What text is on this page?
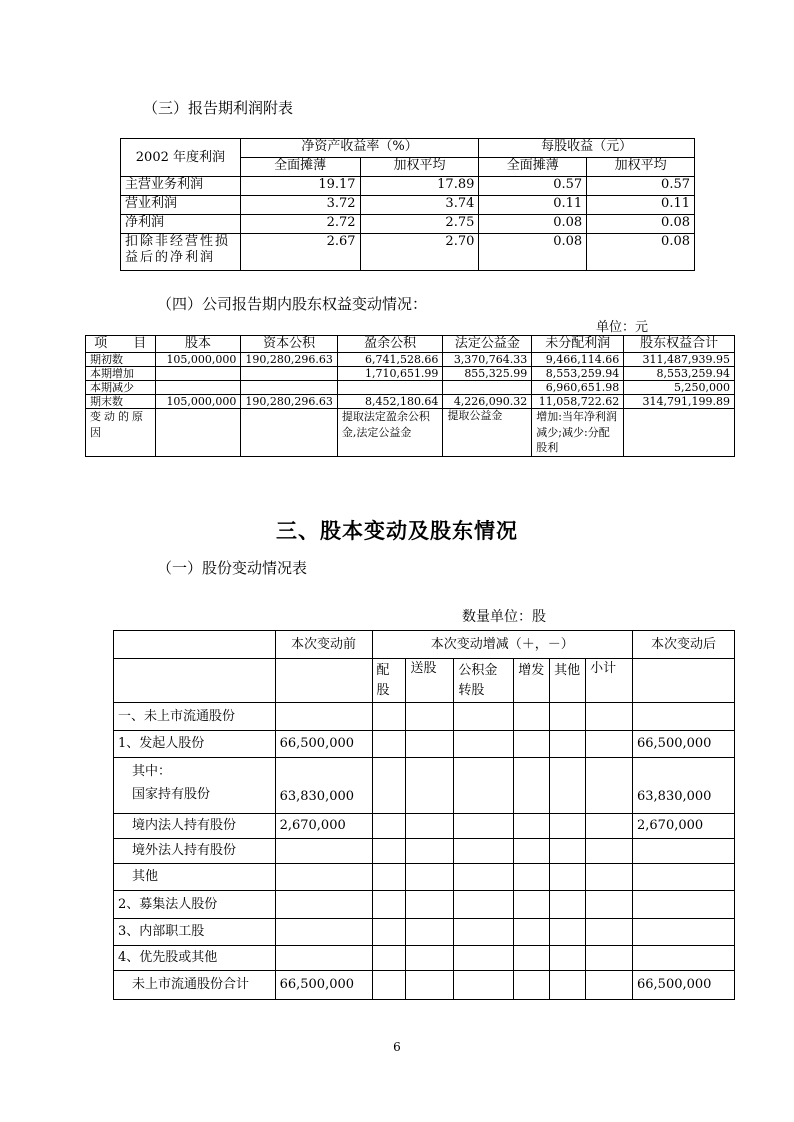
（三）报告期利润附表
2002 年度利润	净资产收益率（%）		每股收益（元）	
	全面摊薄	加权平均	全面摊薄	加权平均
主营业务利润	19.17	17.89	0.57	0.57
营业利润	3.72	3.74	0.11	0.11
净利润	2.72	2.75	0.08	0.08
扣除非经营性损益后的净利润	2.67	2.70	0.08	0.08
（四）公司报告期内股东权益变动情况：
单位：元
项　　目	股本	资本公积	盈余公积	法定公益金	未分配利润	股东权益合计
期初数	105,000,000	190,280,296.63	6,741,528.66	3,370,764.33	9,466,114.66	311,487,939.95
本期增加			1,710,651.99	855,325.99	8,553,259.94	8,553,259.94
本期减少					6,960,651.98	5,250,000
期末数	105,000,000	190,280,296.63	8,452,180.64	4,226,090.32	11,058,722.62	314,791,199.89
变动的原因			提取法定盈余公积金,法定公益金	提取公益金	增加:当年净利润减少;减少:分配股利	
三、股本变动及股东情况
（一）股份变动情况表
数量单位：股
	本次变动前	本次变动增减（＋，－）						本次变动后
		配股	送股	公积金转股	增发	其他	小计	
一、未上市流通股份								
1、发起人股份	66,500,000							66,500,000

其中：
国家持有股份	63,830,000							63,830,000
境内法人持有股份	2,670,000							2,670,000
境外法人持有股份								
其他								
2、募集法人股份								
3、内部职工股								
4、优先股或其他								
未上市流通股份合计	66,500,000							66,500,000
6
